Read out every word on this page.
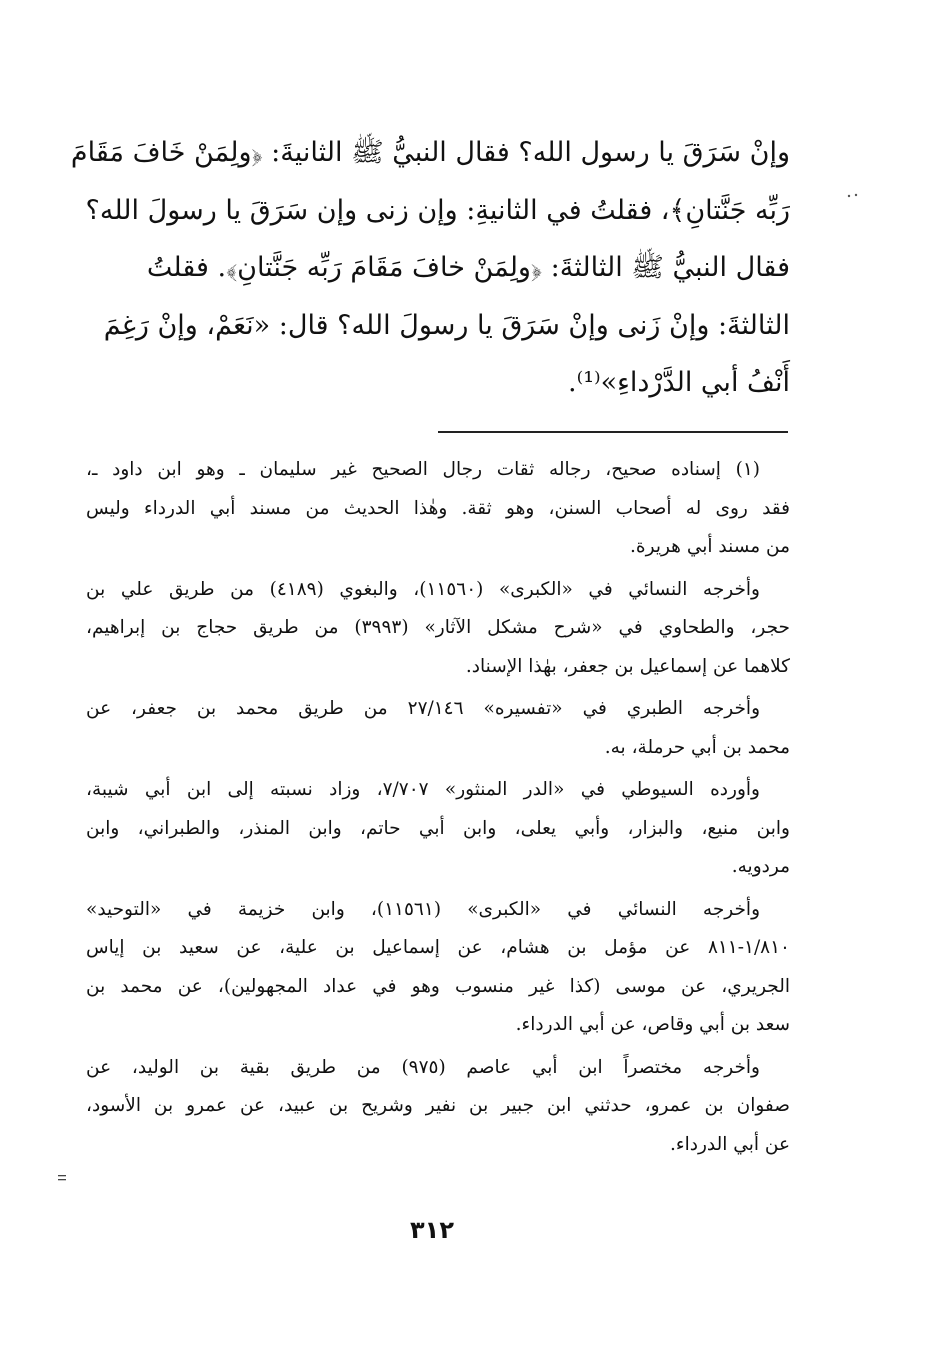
وإنْ سَرَقَ يا رسول الله؟ فقال النبيُّ ﷺ الثانيةَ: ﴿ولِمَنْ خَافَ مَقَامَ
رَبِّه جَنَّتانِ﴾، فقلتُ في الثانيةِ: وإن زنى وإن سَرَقَ يا رسولَ الله؟
فقال النبيُّ ﷺ الثالثةَ: ﴿ولِمَنْ خافَ مَقَامَ رَبِّه جَنَّتانِ﴾. فقلتُ
الثالثةَ: وإنْ زَنى وإنْ سَرَقَ يا رسولَ الله؟ قال: «نَعَمْ، وإنْ رَغِمَ
أَنْفُ أبي الدَّرْداءِ»⁽¹⁾.
(١) إسناده صحيح، رجاله ثقات رجال الصحيح غير سليمان ـ وهو ابن داود ـ،
فقد روى له أصحاب السنن، وهو ثقة. وهٰذا الحديث من مسند أبي الدرداء وليس
من مسند أبي هريرة.
وأخرجه النسائي في «الكبرى» (١١٥٦٠)، والبغوي (٤١٨٩) من طريق علي بن
حجر، والطحاوي في «شرح مشكل الآثار» (٣٩٩٣) من طريق حجاج بن إبراهيم،
كلاهما عن إسماعيل بن جعفر، بهٰذا الإسناد.
وأخرجه الطبري في «تفسيره» ٢٧/١٤٦ من طريق محمد بن جعفر، عن
محمد بن أبي حرملة، به.
وأورده السيوطي في «الدر المنثور» ٧/٧٠٧، وزاد نسبته إلى ابن أبي شيبة،
وابن منيع، والبزار، وأبي يعلى، وابن أبي حاتم، وابن المنذر، والطبراني، وابن
مردويه.
وأخرجه النسائي في «الكبرى» (١١٥٦١)، وابن خزيمة في «التوحيد»
١/٨١٠-٨١١ عن مؤمل بن هشام، عن إسماعيل بن علية، عن سعيد بن إياس
الجريري، عن موسى (كذا غير منسوب وهو في عداد المجهولين)، عن محمد بن
سعد بن أبي وقاص، عن أبي الدرداء.
وأخرجه مختصراً ابن أبي عاصم (٩٧٥) من طريق بقية بن الوليد، عن
صفوان بن عمرو، حدثني ابن جبير بن نفير وشريح بن عبيد، عن عمرو بن الأسود،
عن أبي الدرداء.
٣١٢
